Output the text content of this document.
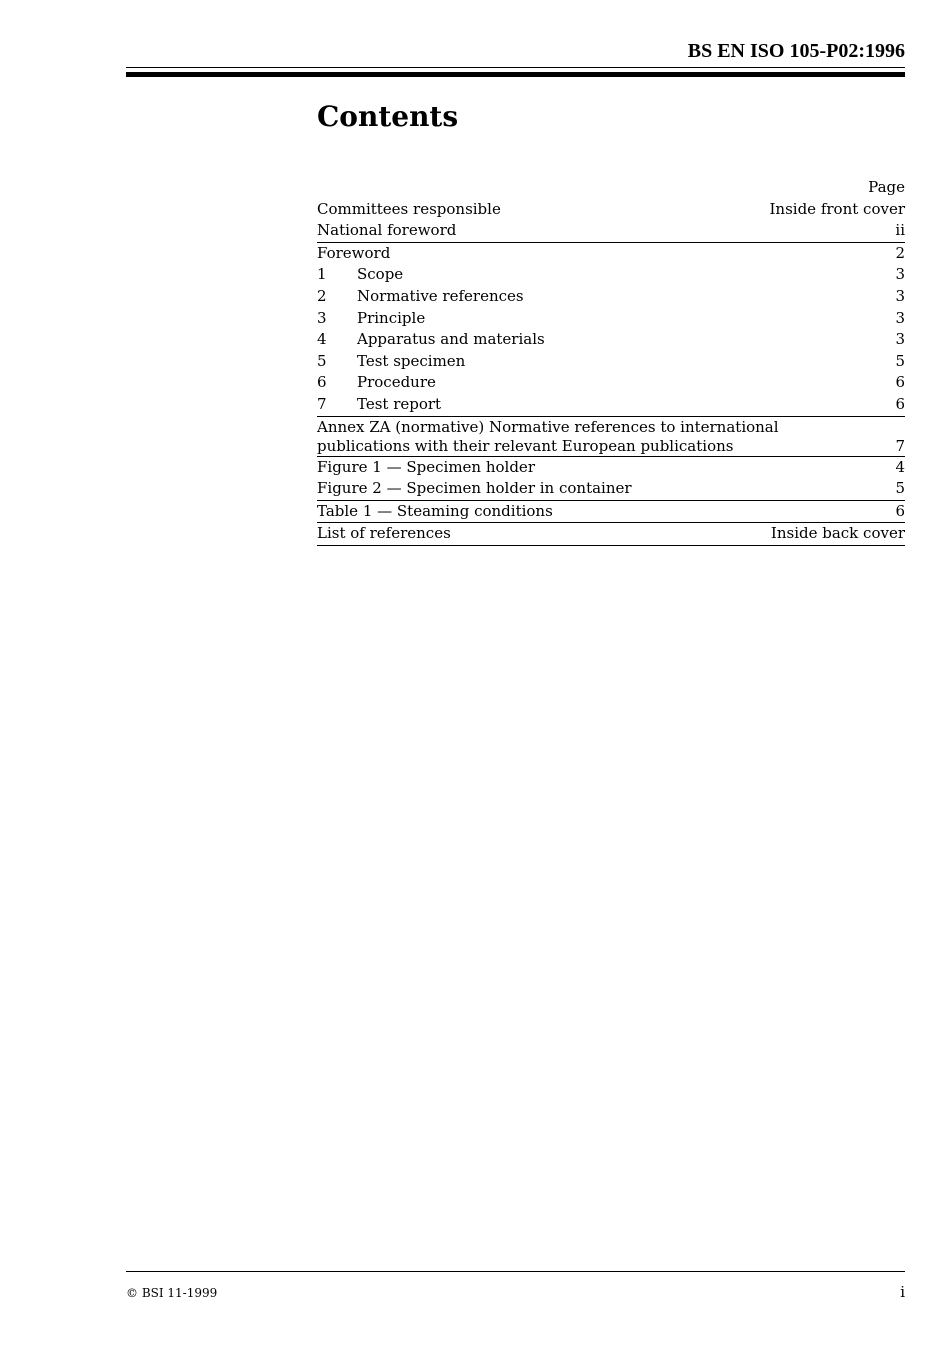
BS EN ISO 105-P02:1996
Contents
Page
Committees responsible	Inside front cover
National foreword	ii
Foreword	2
1 Scope	3
2 Normative references	3
3 Principle	3
4 Apparatus and materials	3
5 Test specimen	5
6 Procedure	6
7 Test report	6
Annex ZA (normative) Normative references to international
publications with their relevant European publications	7
Figure 1 — Specimen holder	4
Figure 2 — Specimen holder in container	5
Table 1 — Steaming conditions	6
List of references	Inside back cover
© BSI 11-1999	i
